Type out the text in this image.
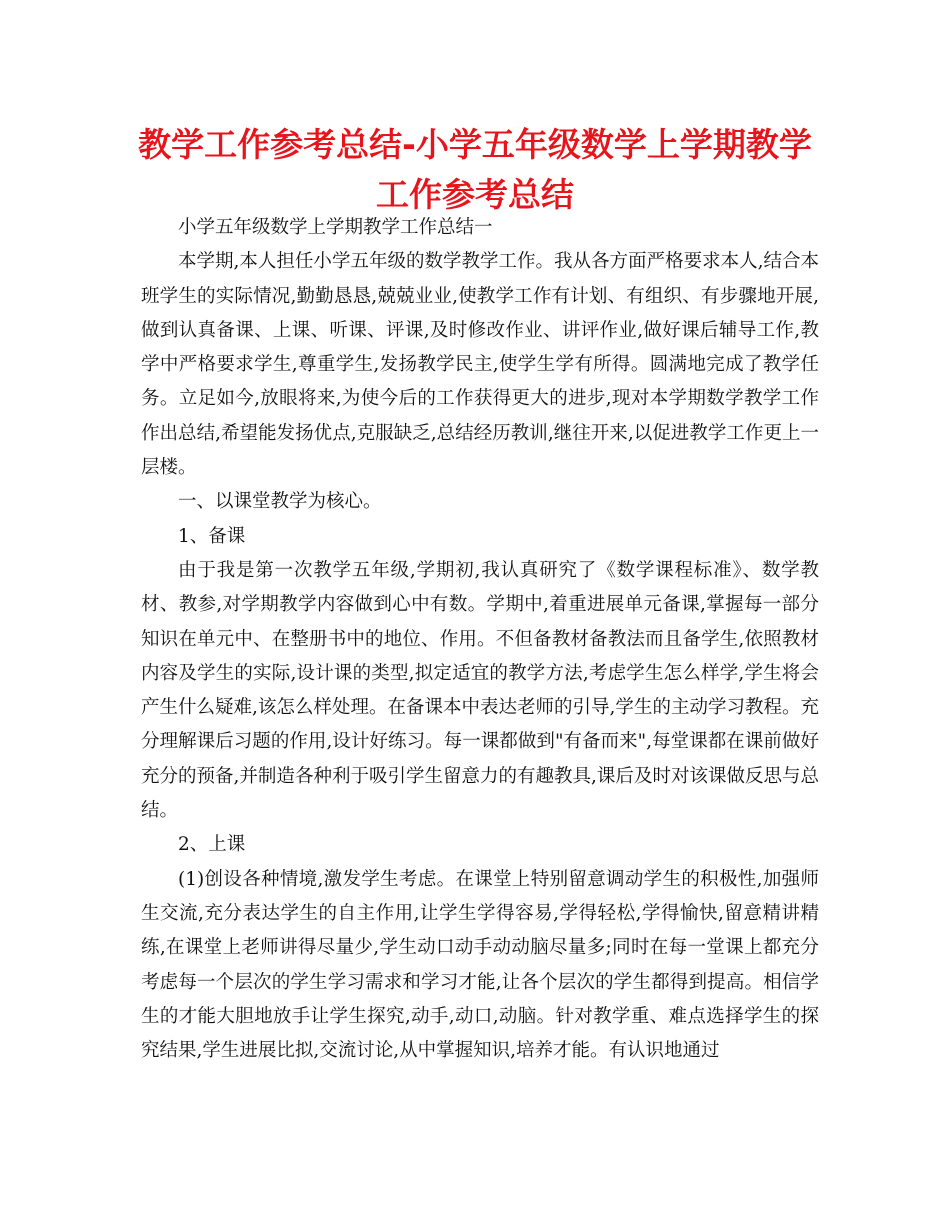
教学工作参考总结-小学五年级数学上学期教学工作参考总结

小学五年级数学上学期教学工作总结一

本学期,本人担任小学五年级的数学教学工作。我从各方面严格要求本人,结合本班学生的实际情况,勤勤恳恳,兢兢业业,使教学工作有计划、有组织、有步骤地开展,做到认真备课、上课、听课、评课,及时修改作业、讲评作业,做好课后辅导工作,教学中严格要求学生,尊重学生,发扬教学民主,使学生学有所得。圆满地完成了教学任务。立足如今,放眼将来,为使今后的工作获得更大的进步,现对本学期数学教学工作作出总结,希望能发扬优点,克服缺乏,总结经历教训,继往开来,以促进教学工作更上一层楼。

一、以课堂教学为核心。

1、备课

由于我是第一次教学五年级,学期初,我认真研究了《数学课程标准》、数学教材、教参,对学期教学内容做到心中有数。学期中,着重进展单元备课,掌握每一部分知识在单元中、在整册书中的地位、作用。不但备教材备教法而且备学生,依照教材内容及学生的实际,设计课的类型,拟定适宜的教学方法,考虑学生怎么样学,学生将会产生什么疑难,该怎么样处理。在备课本中表达老师的引导,学生的主动学习教程。充分理解课后习题的作用,设计好练习。每一课都做到"有备而来",每堂课都在课前做好充分的预备,并制造各种利于吸引学生留意力的有趣教具,课后及时对该课做反思与总结。

2、上课

(1)创设各种情境,激发学生考虑。在课堂上特别留意调动学生的积极性,加强师生交流,充分表达学生的自主作用,让学生学得容易,学得轻松,学得愉快,留意精讲精练,在课堂上老师讲得尽量少,学生动口动手动动脑尽量多;同时在每一堂课上都充分考虑每一个层次的学生学习需求和学习才能,让各个层次的学生都得到提高。相信学生的才能大胆地放手让学生探究,动手,动口,动脑。针对教学重、难点选择学生的探究结果,学生进展比拟,交流讨论,从中掌握知识,培养才能。有认识地通过
